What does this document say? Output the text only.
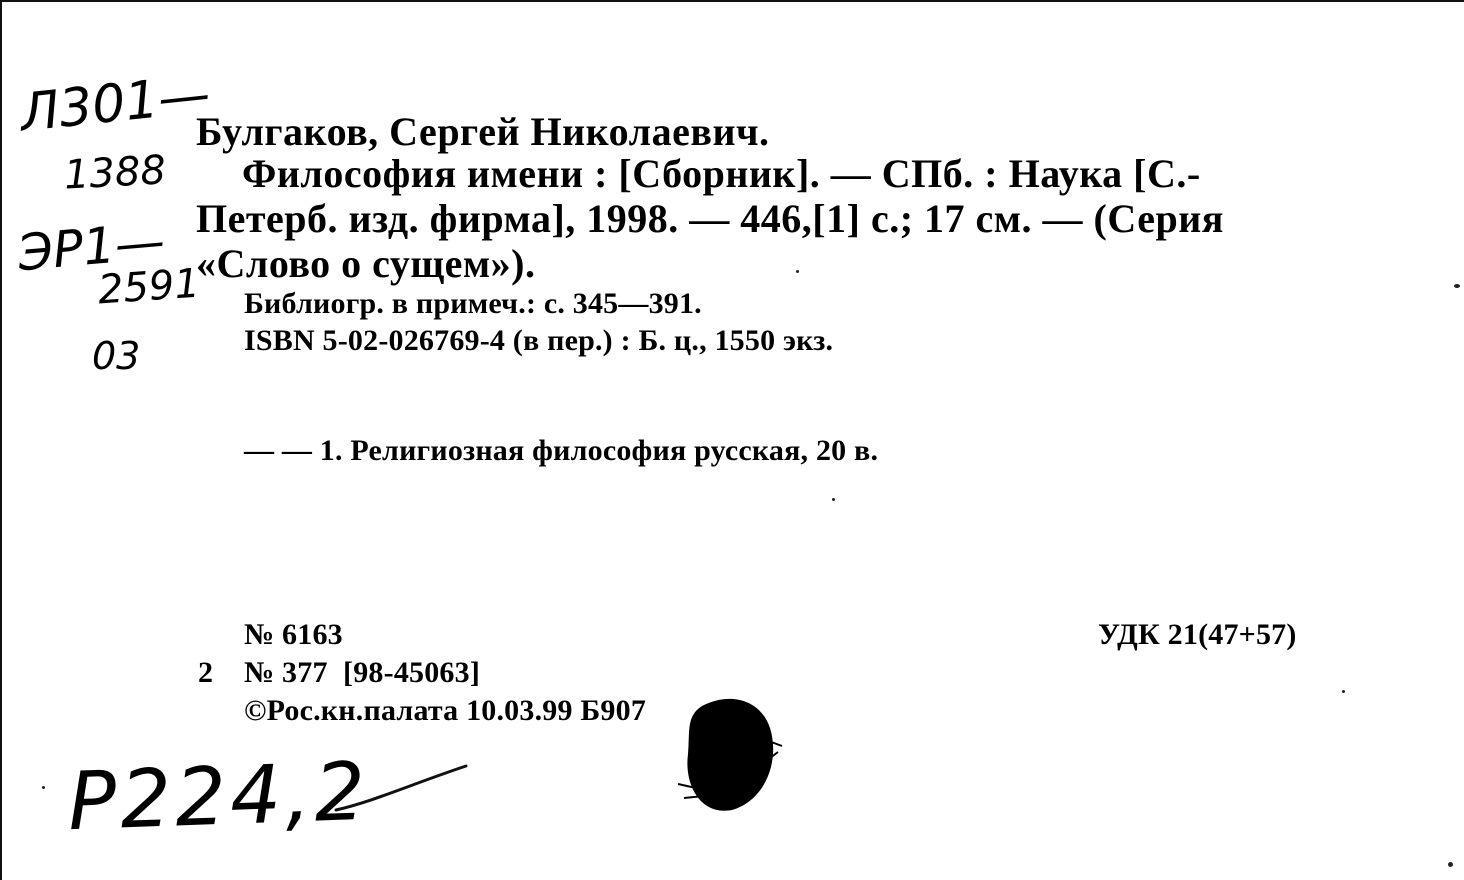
Л301—
1388
ЭР1—
2591
03
Булгаков, Сергей Николаевич.
Философия имени : [Сборник]. — СПб. : Наука [С.-
Петерб. изд. фирма], 1998. — 446,[1] с.; 17 см. — (Серия
«Слово о сущем»).
Библиогр. в примеч.: с. 345—391.
ISBN 5-02-026769-4 (в пер.) : Б. ц., 1550 экз.
— — 1. Религиозная философия русская, 20 в.
№ 6163	УДК 21(47+57)
2 № 377  [98-45063]
©Рос.кн.палата 10.03.99 Б907
Р224,2
